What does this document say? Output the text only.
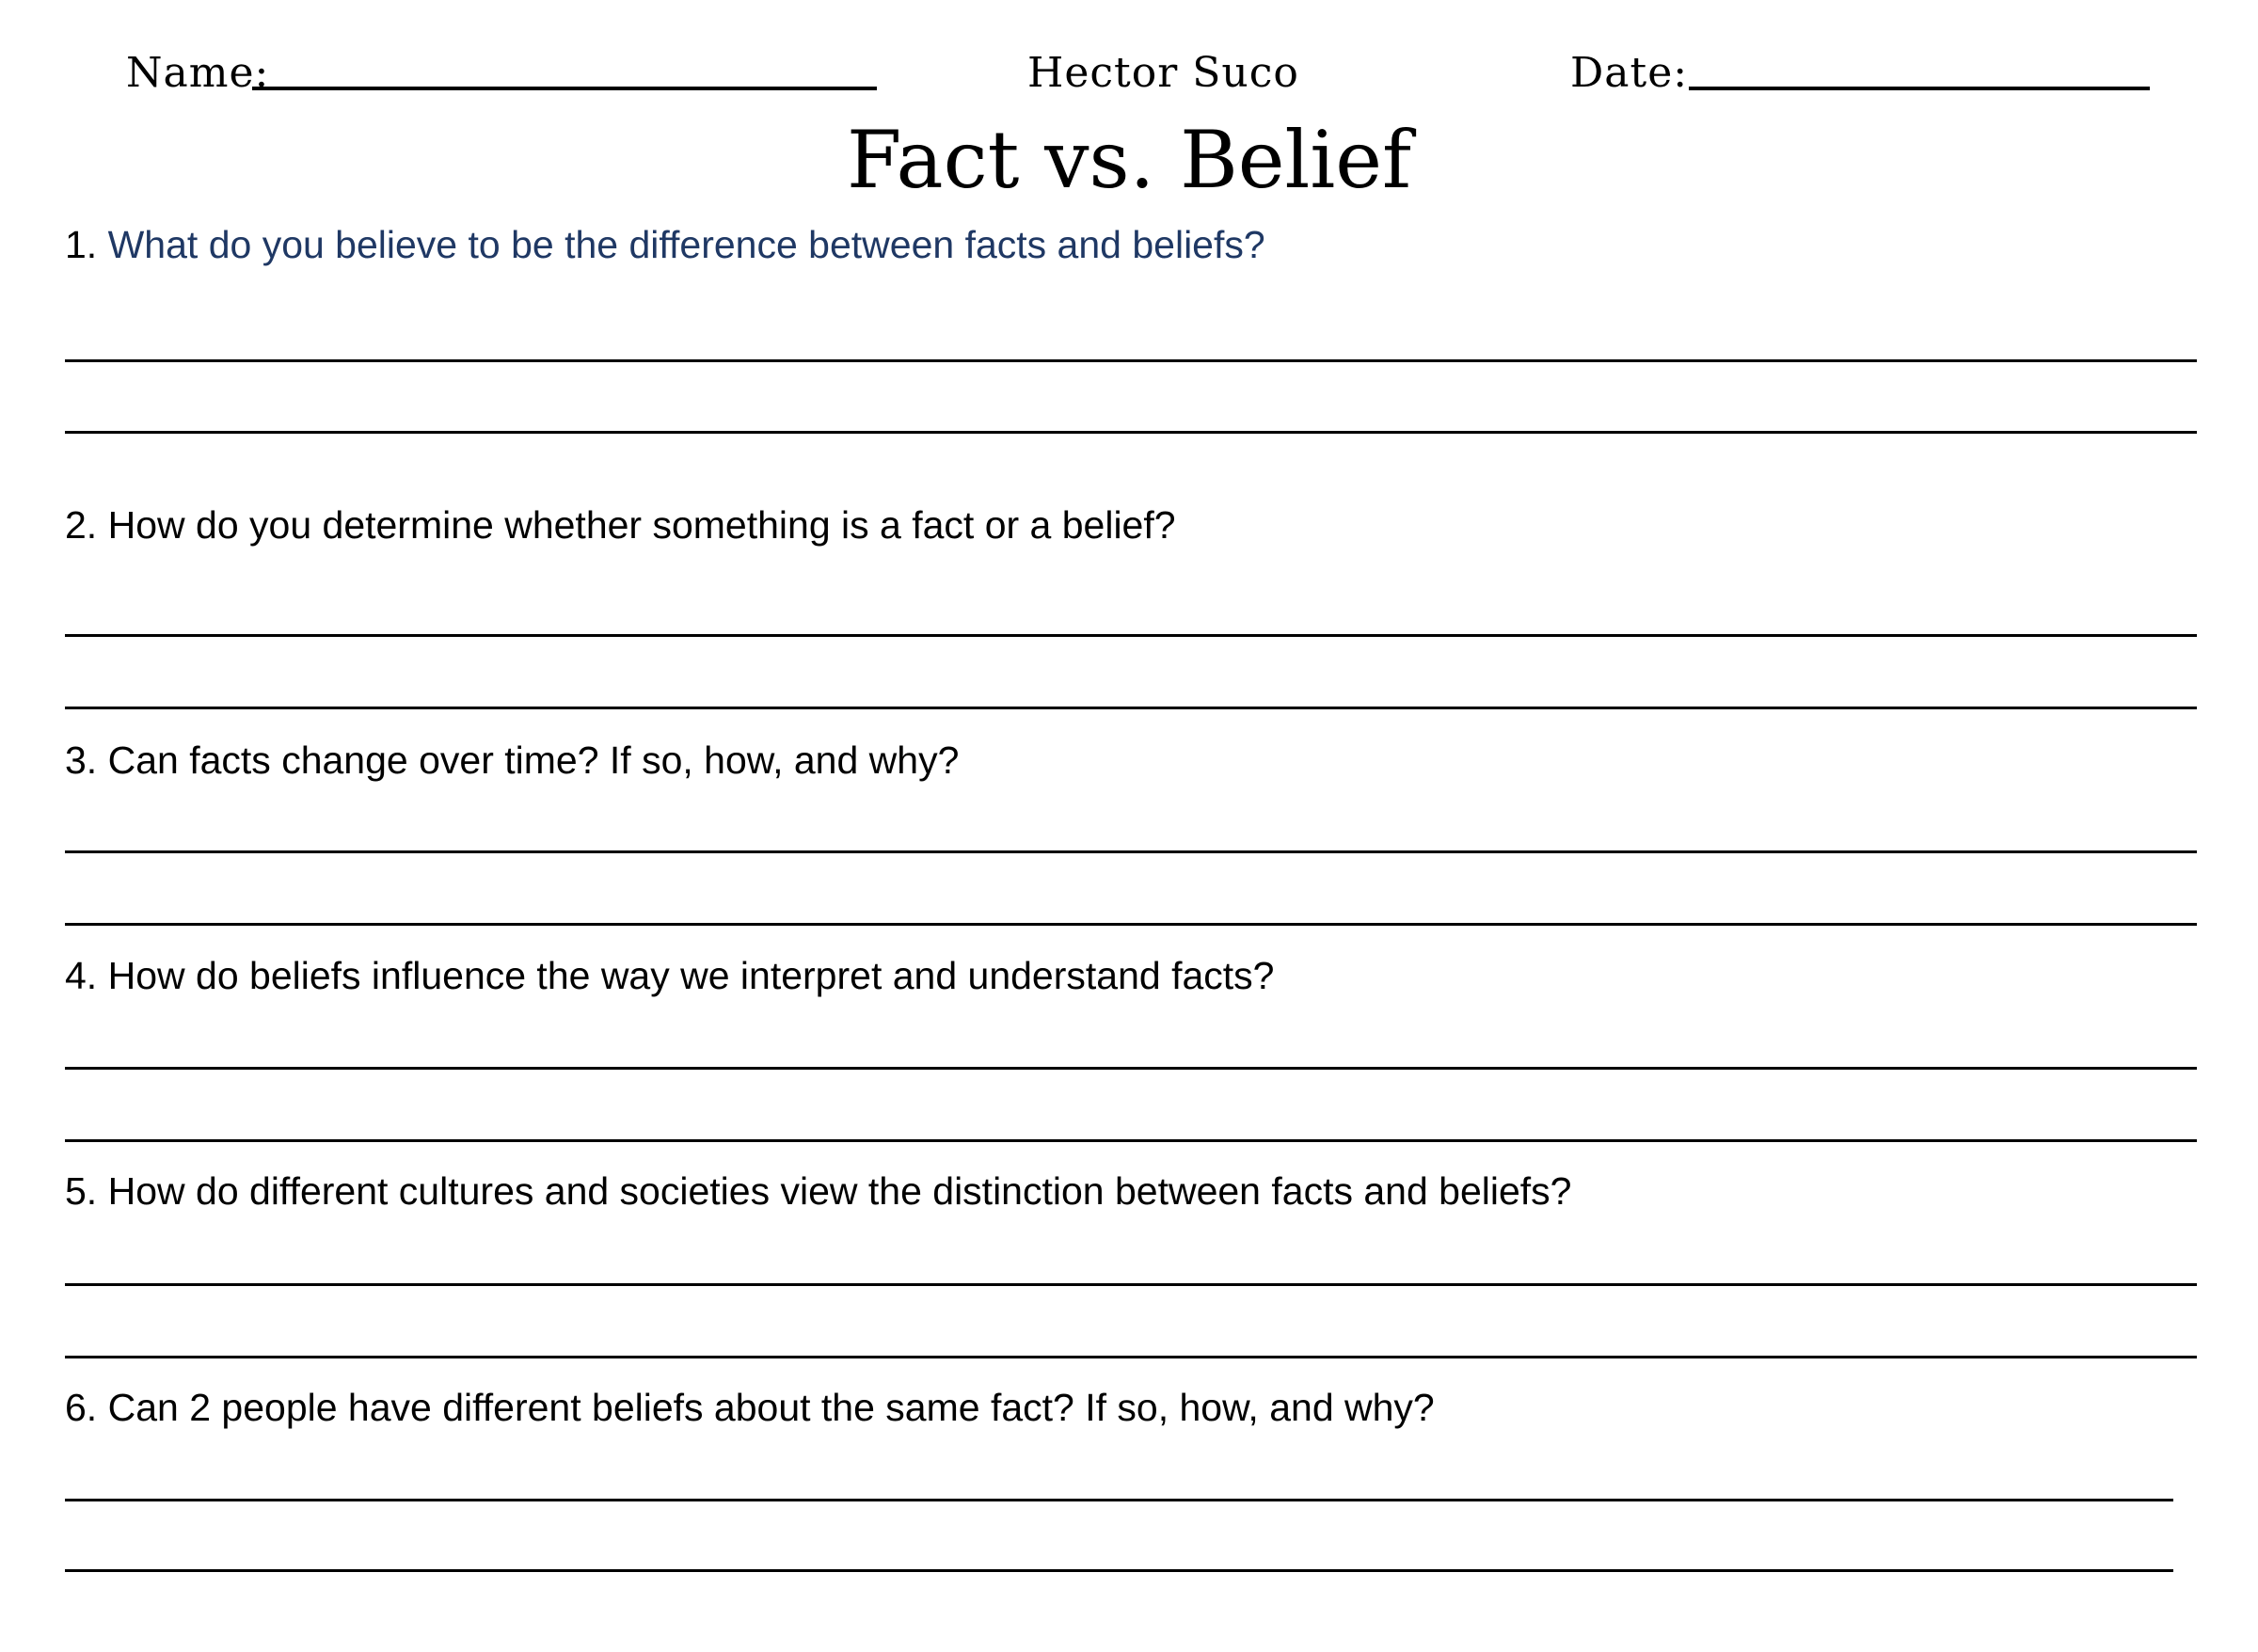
Name:	Hector Suco	Date:
Fact vs. Belief
1. What do you believe to be the difference between facts and beliefs?
2. How do you determine whether something is a fact or a belief?
3. Can facts change over time? If so, how, and why?
4. How do beliefs influence the way we interpret and understand facts?
5. How do different cultures and societies view the distinction between facts and beliefs?
6. Can 2 people have different beliefs about the same fact? If so, how, and why?
